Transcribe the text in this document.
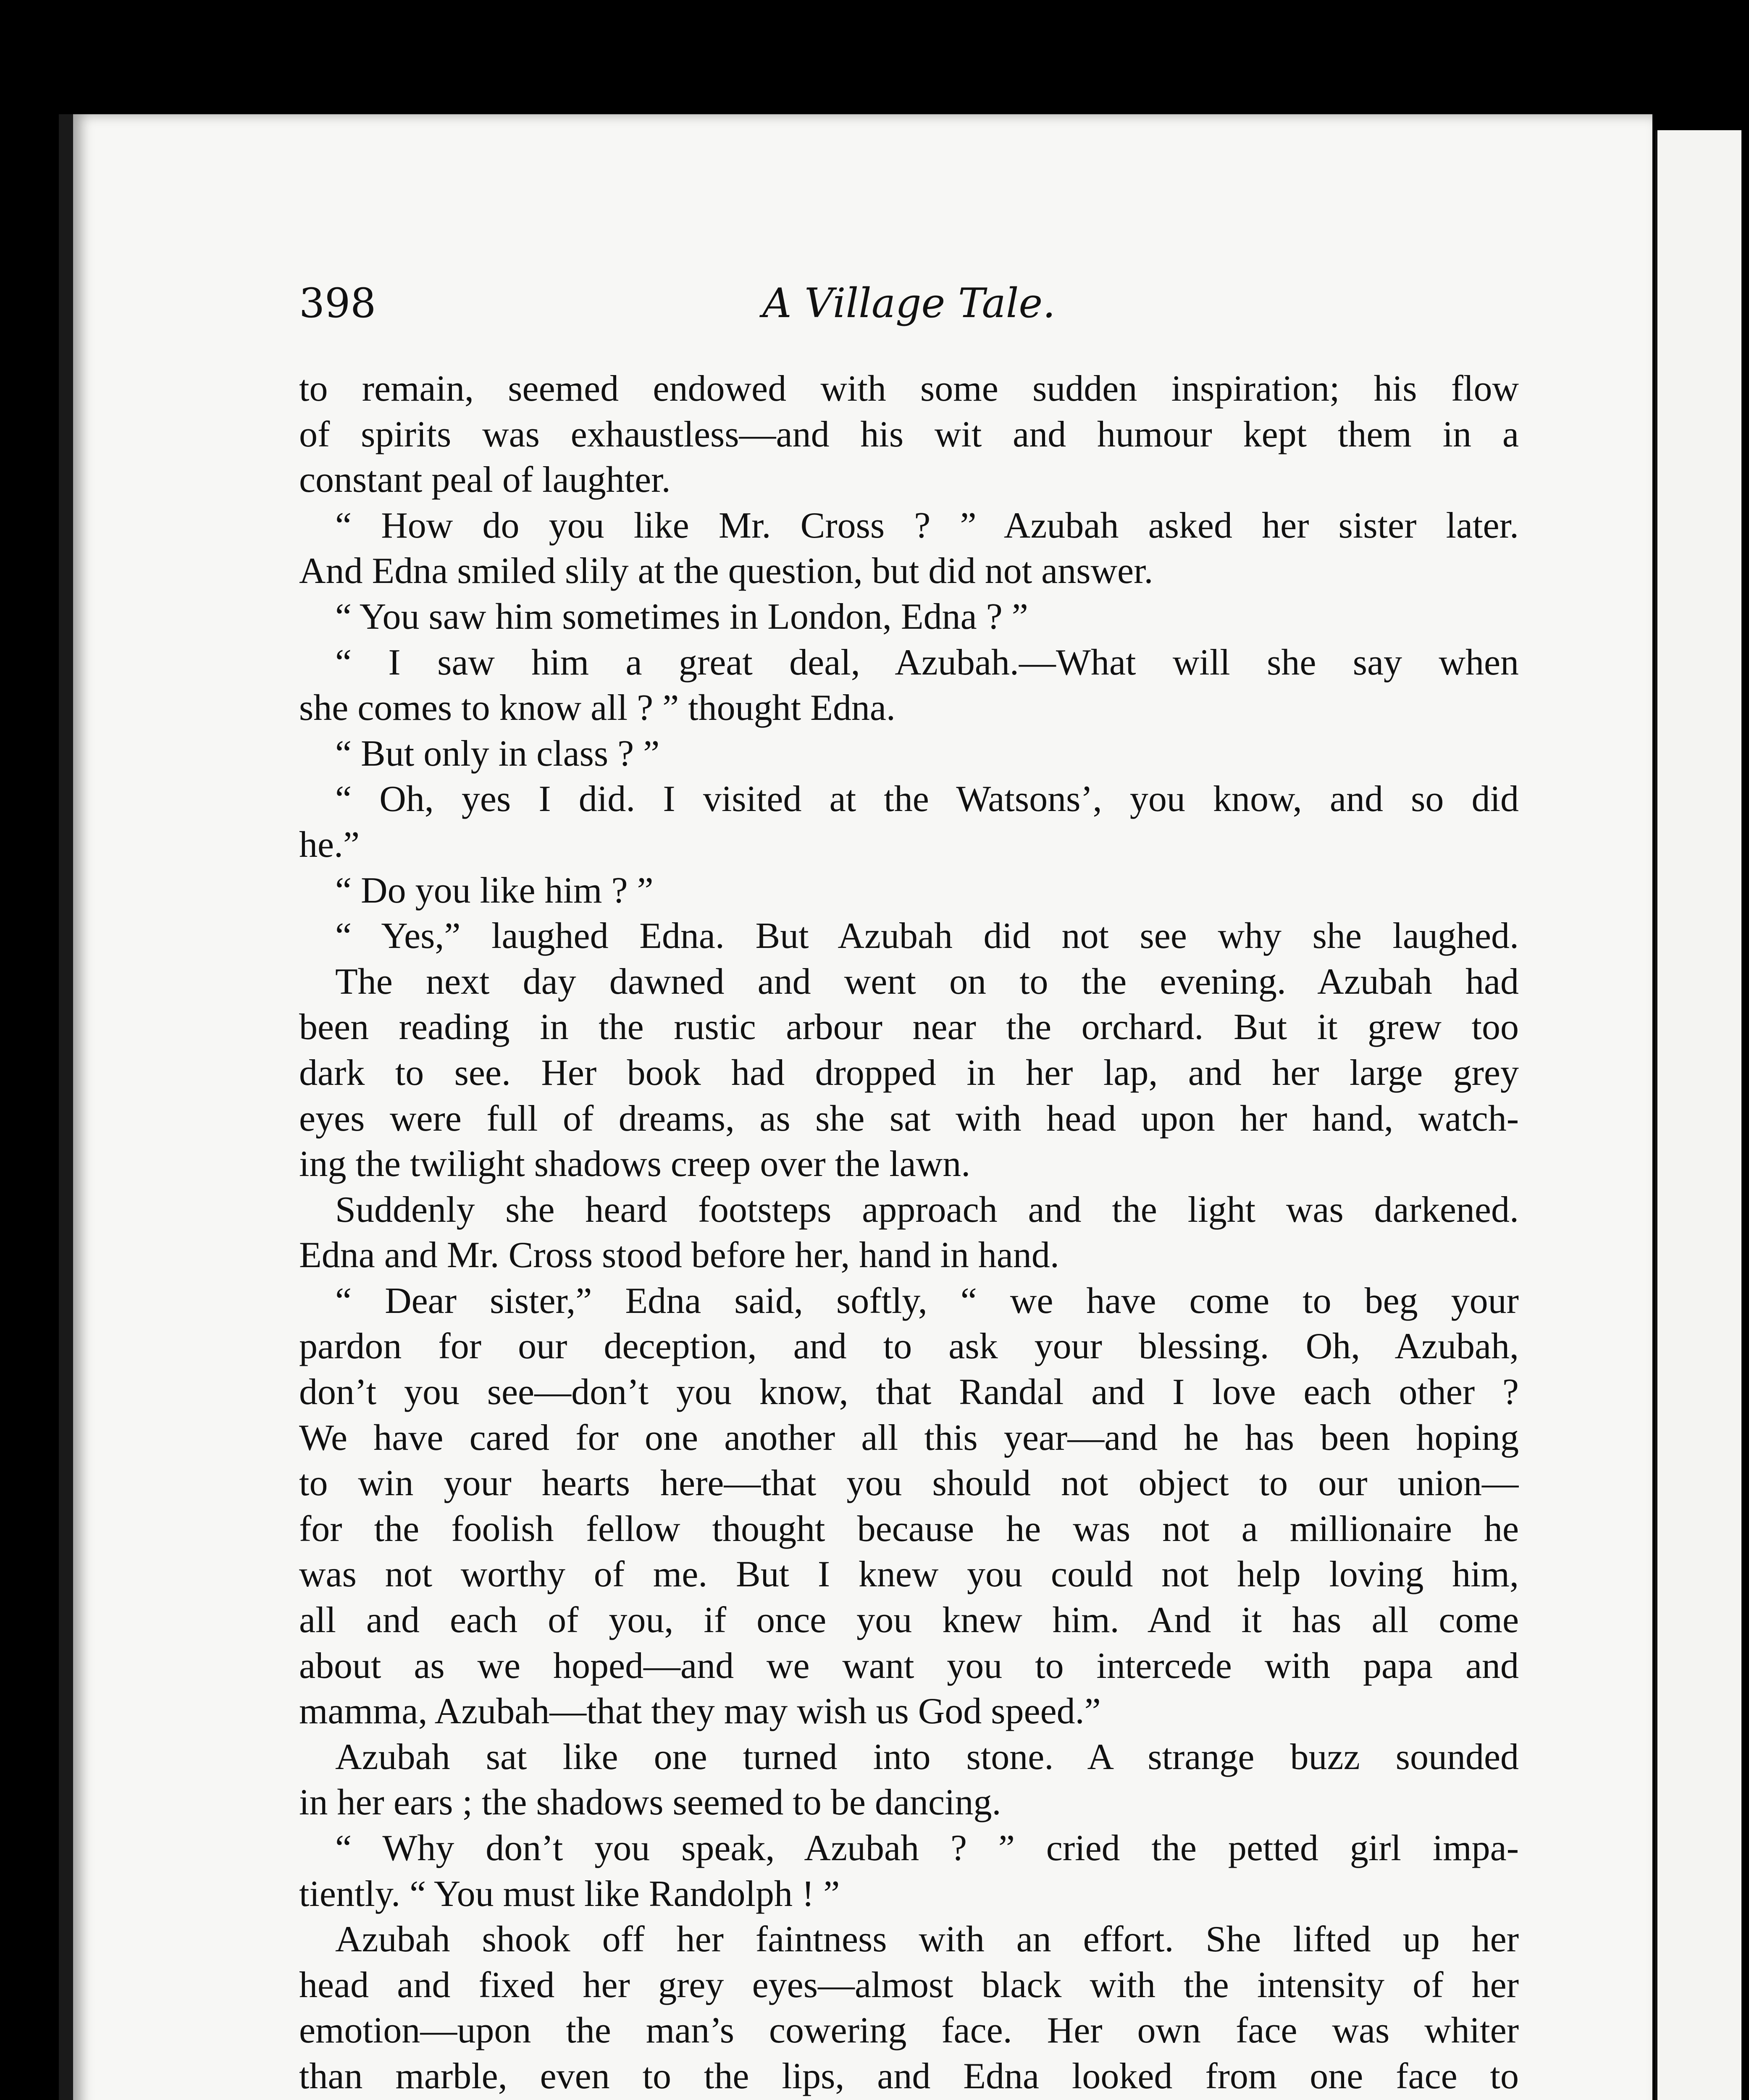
398	A Village Tale.
to remain, seemed endowed with some sudden inspiration; his flow
of spirits was exhaustless—and his wit and humour kept them in a
constant peal of laughter.
“ How do you like Mr. Cross ? ” Azubah asked her sister later.
And Edna smiled slily at the question, but did not answer.
“ You saw him sometimes in London, Edna ? ”
“ I saw him a great deal, Azubah.—What will she say when
she comes to know all ? ” thought Edna.
“ But only in class ? ”
“ Oh, yes I did. I visited at the Watsons’, you know, and so did
he.”
“ Do you like him ? ”
“ Yes,” laughed Edna. But Azubah did not see why she laughed.
The next day dawned and went on to the evening. Azubah had
been reading in the rustic arbour near the orchard. But it grew too
dark to see. Her book had dropped in her lap, and her large grey
eyes were full of dreams, as she sat with head upon her hand, watch-
ing the twilight shadows creep over the lawn.
Suddenly she heard footsteps approach and the light was darkened.
Edna and Mr. Cross stood before her, hand in hand.
“ Dear sister,” Edna said, softly, “ we have come to beg your
pardon for our deception, and to ask your blessing. Oh, Azubah,
don’t you see—don’t you know, that Randal and I love each other ?
We have cared for one another all this year—and he has been hoping
to win your hearts here—that you should not object to our union—
for the foolish fellow thought because he was not a millionaire he
was not worthy of me. But I knew you could not help loving him,
all and each of you, if once you knew him. And it has all come
about as we hoped—and we want you to intercede with papa and
mamma, Azubah—that they may wish us God speed.”
Azubah sat like one turned into stone. A strange buzz sounded
in her ears ; the shadows seemed to be dancing.
“ Why don’t you speak, Azubah ? ” cried the petted girl impa-
tiently. “ You must like Randolph ! ”
Azubah shook off her faintness with an effort. She lifted up her
head and fixed her grey eyes—almost black with the intensity of her
emotion—upon the man’s cowering face. Her own face was whiter
than marble, even to the lips, and Edna looked from one face to
